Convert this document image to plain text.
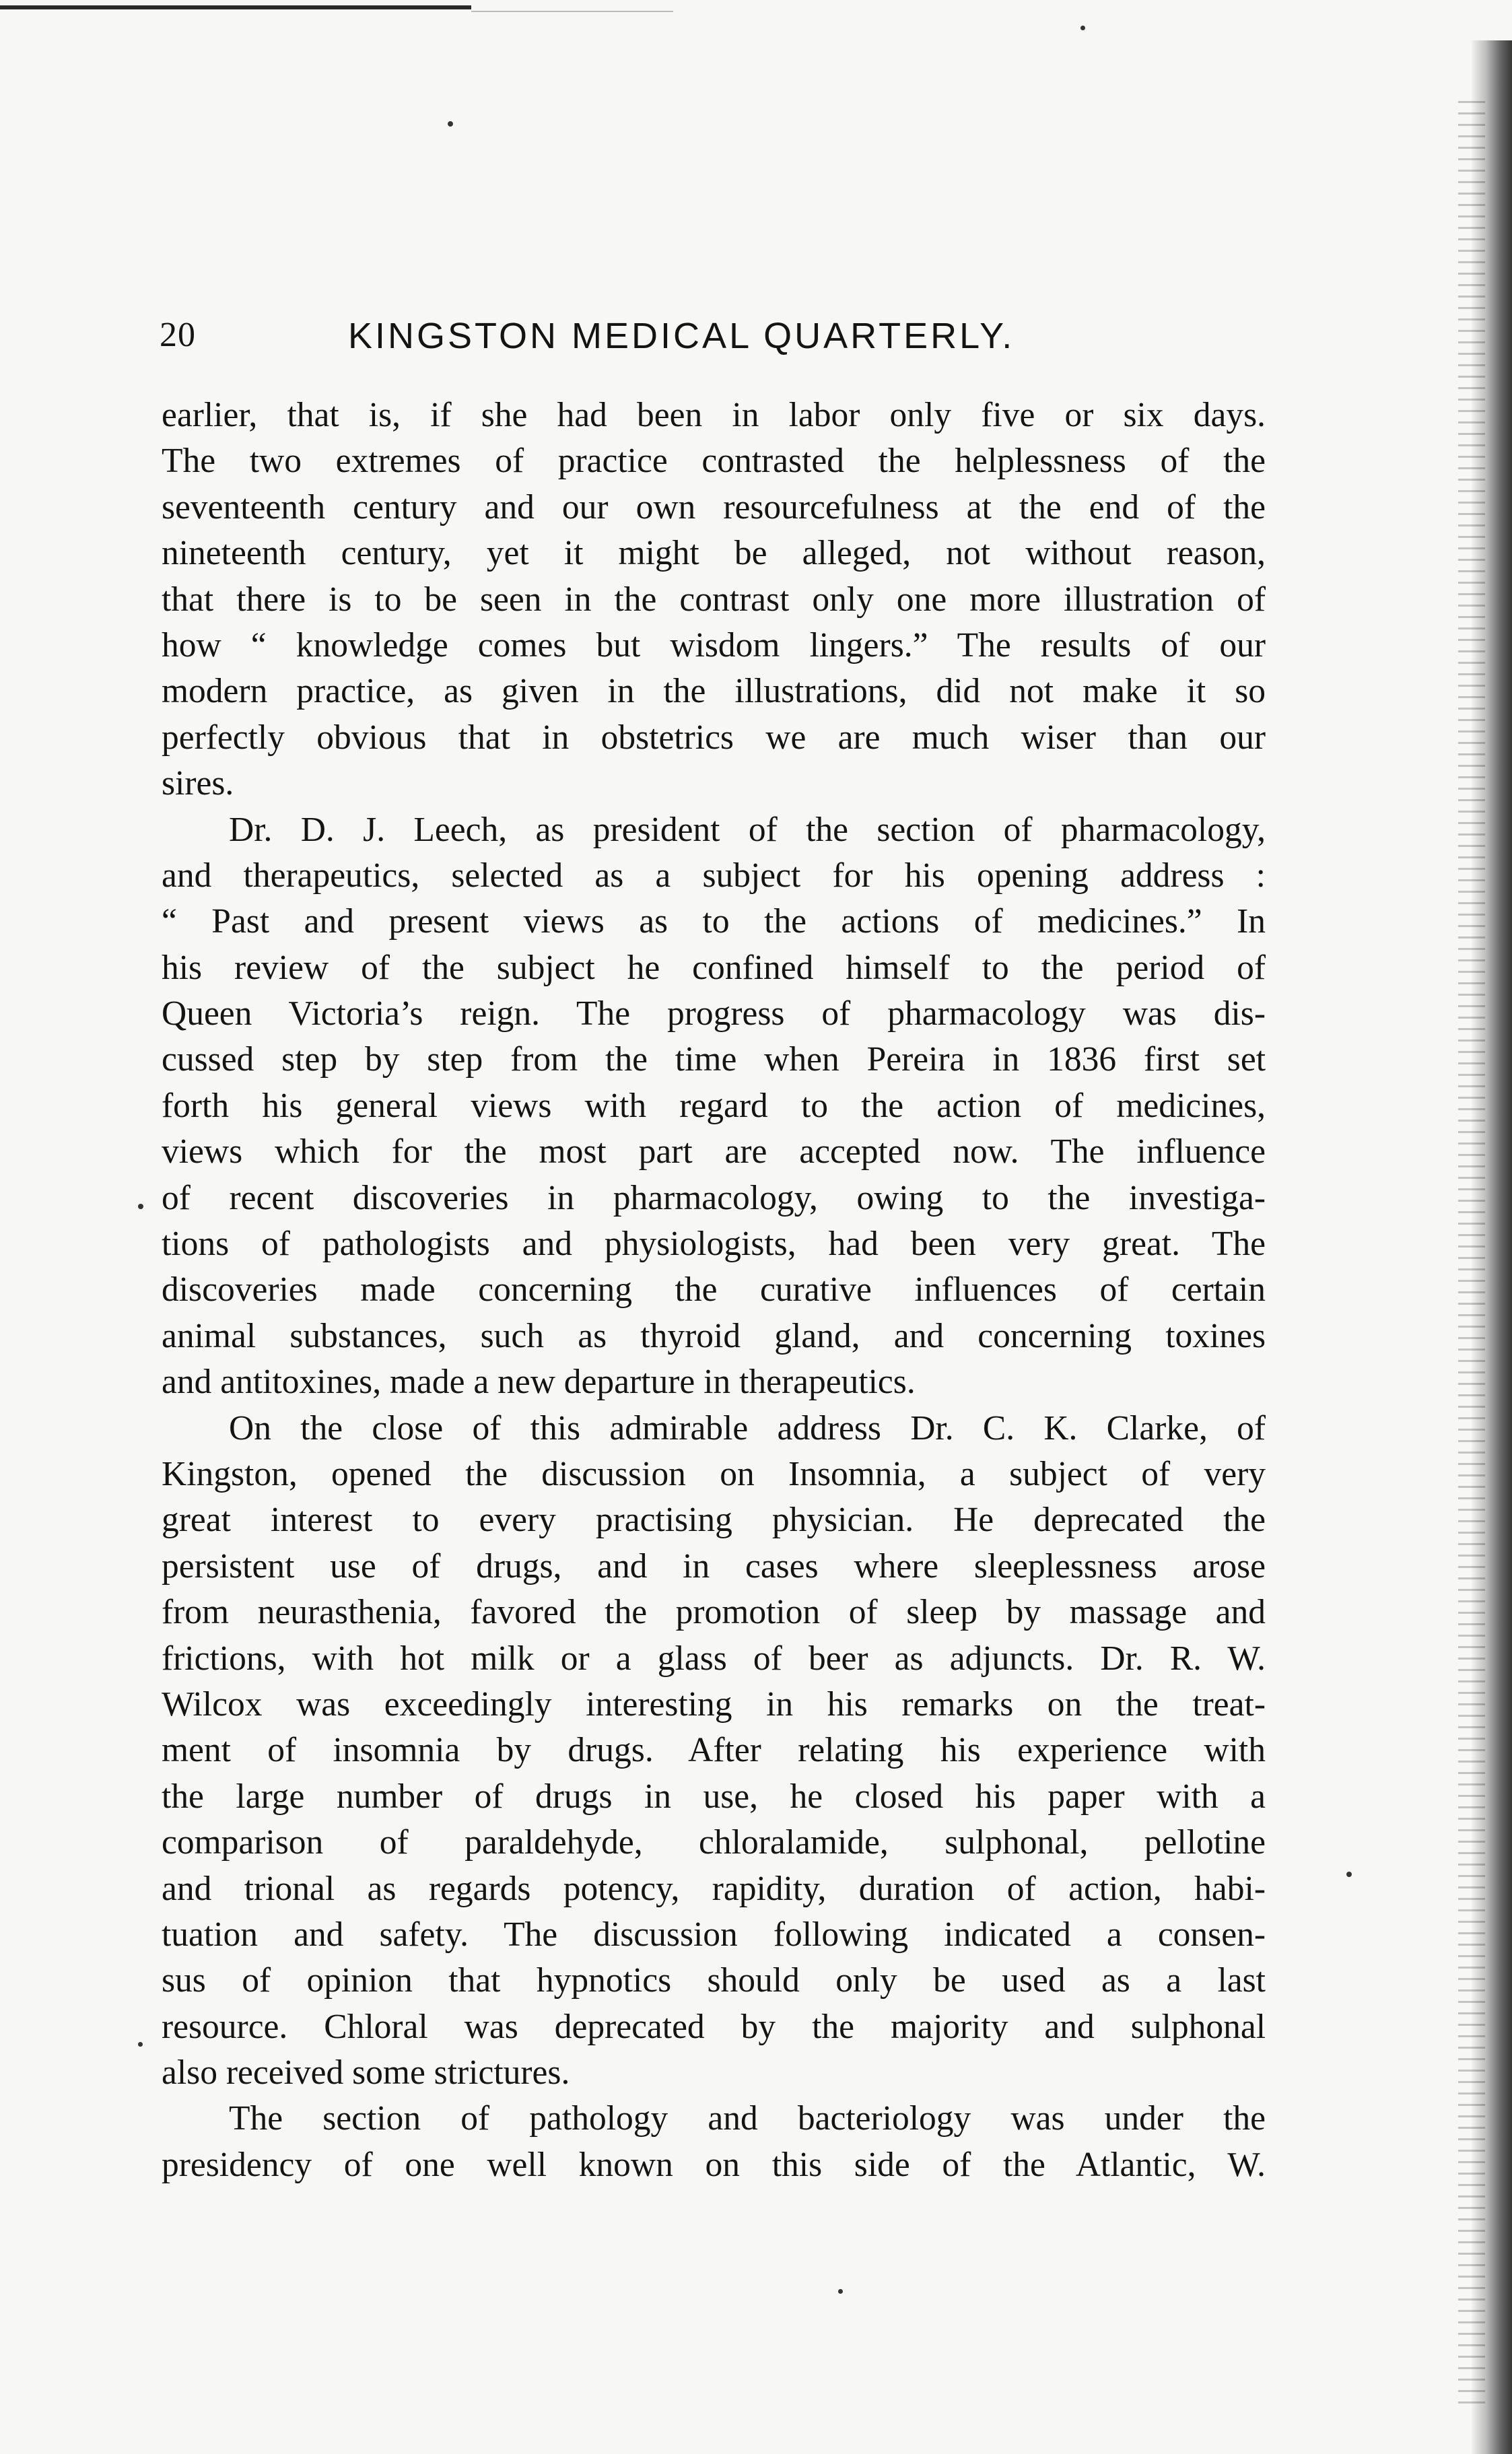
20	KINGSTON MEDICAL QUARTERLY.
earlier, that is, if she had been in labor only five or six days.
The two extremes of practice contrasted the helplessness of the
seventeenth century and our own resourcefulness at the end of the
nineteenth century, yet it might be alleged, not without reason,
that there is to be seen in the contrast only one more illustration of
how “ knowledge comes but wisdom lingers.” The results of our
modern practice, as given in the illustrations, did not make it so
perfectly obvious that in obstetrics we are much wiser than our
sires.
Dr. D. J. Leech, as president of the section of pharmacology,
and therapeutics, selected as a subject for his opening address :
“ Past and present views as to the actions of medicines.” In
his review of the subject he confined himself to the period of
Queen Victoria’s reign. The progress of pharmacology was dis-
cussed step by step from the time when Pereira in 1836 first set
forth his general views with regard to the action of medicines,
views which for the most part are accepted now. The influence
of recent discoveries in pharmacology, owing to the investiga-
tions of pathologists and physiologists, had been very great. The
discoveries made concerning the curative influences of certain
animal substances, such as thyroid gland, and concerning toxines
and antitoxines, made a new departure in therapeutics.
On the close of this admirable address Dr. C. K. Clarke, of
Kingston, opened the discussion on Insomnia, a subject of very
great interest to every practising physician. He deprecated the
persistent use of drugs, and in cases where sleeplessness arose
from neurasthenia, favored the promotion of sleep by massage and
frictions, with hot milk or a glass of beer as adjuncts. Dr. R. W.
Wilcox was exceedingly interesting in his remarks on the treat-
ment of insomnia by drugs. After relating his experience with
the large number of drugs in use, he closed his paper with a
comparison of paraldehyde, chloralamide, sulphonal, pellotine
and trional as regards potency, rapidity, duration of action, habi-
tuation and safety. The discussion following indicated a consen-
sus of opinion that hypnotics should only be used as a last
resource. Chloral was deprecated by the majority and sulphonal
also received some strictures.
The section of pathology and bacteriology was under the
presidency of one well known on this side of the Atlantic, W.
